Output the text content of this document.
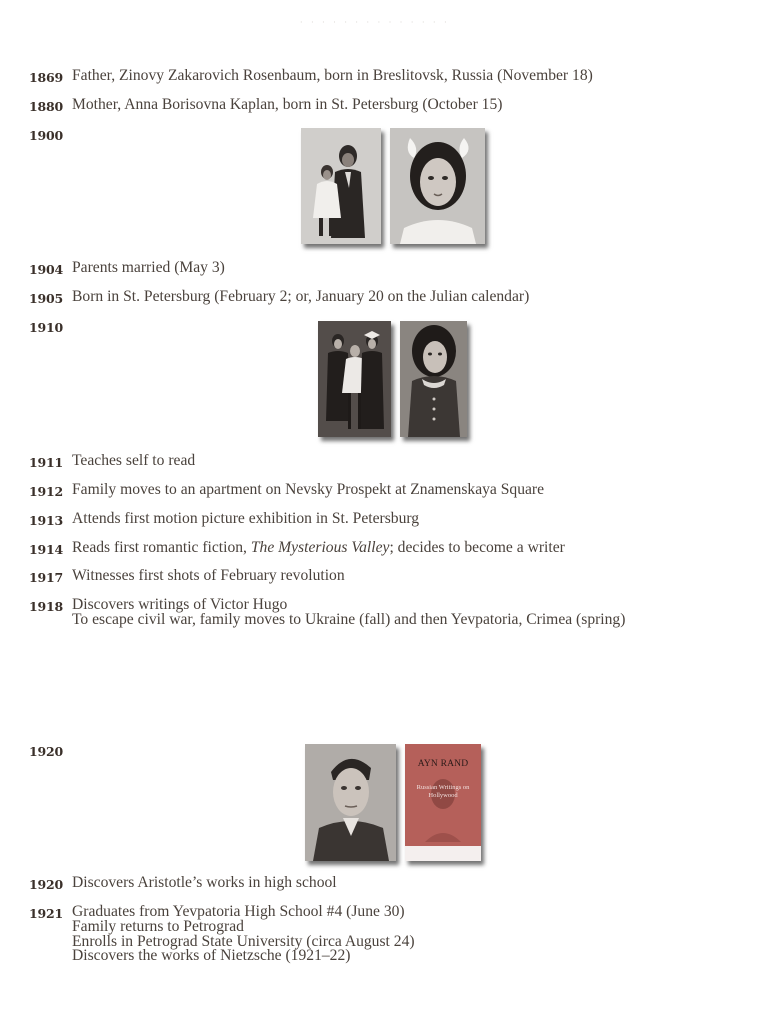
· · · · · · · · · · · · · ·
1869 Father, Zinovy Zakarovich Rosenbaum, born in Breslitovsk, Russia (November 18)
1880 Mother, Anna Borisovna Kaplan, born in St. Petersburg (October 15)
1900
1904 Parents married (May 3)
1905 Born in St. Petersburg (February 2; or, January 20 on the Julian calendar)
1910
1911 Teaches self to read
1912 Family moves to an apartment on Nevsky Prospekt at Znamenskaya Square
1913 Attends first motion picture exhibition in St. Petersburg
1914 Reads first romantic fiction, The Mysterious Valley; decides to become a writer
1917 Witnesses first shots of February revolution
1918 Discovers writings of Victor Hugo
To escape civil war, family moves to Ukraine (fall) and then Yevpatoria, Crimea (spring)
1920
AYN RAND
Russian Writings on Hollywood
1920 Discovers Aristotle’s works in high school
1921 Graduates from Yevpatoria High School #4 (June 30)
Family returns to Petrograd
Enrolls in Petrograd State University (circa August 24)
Discovers the works of Nietzsche (1921–22)
